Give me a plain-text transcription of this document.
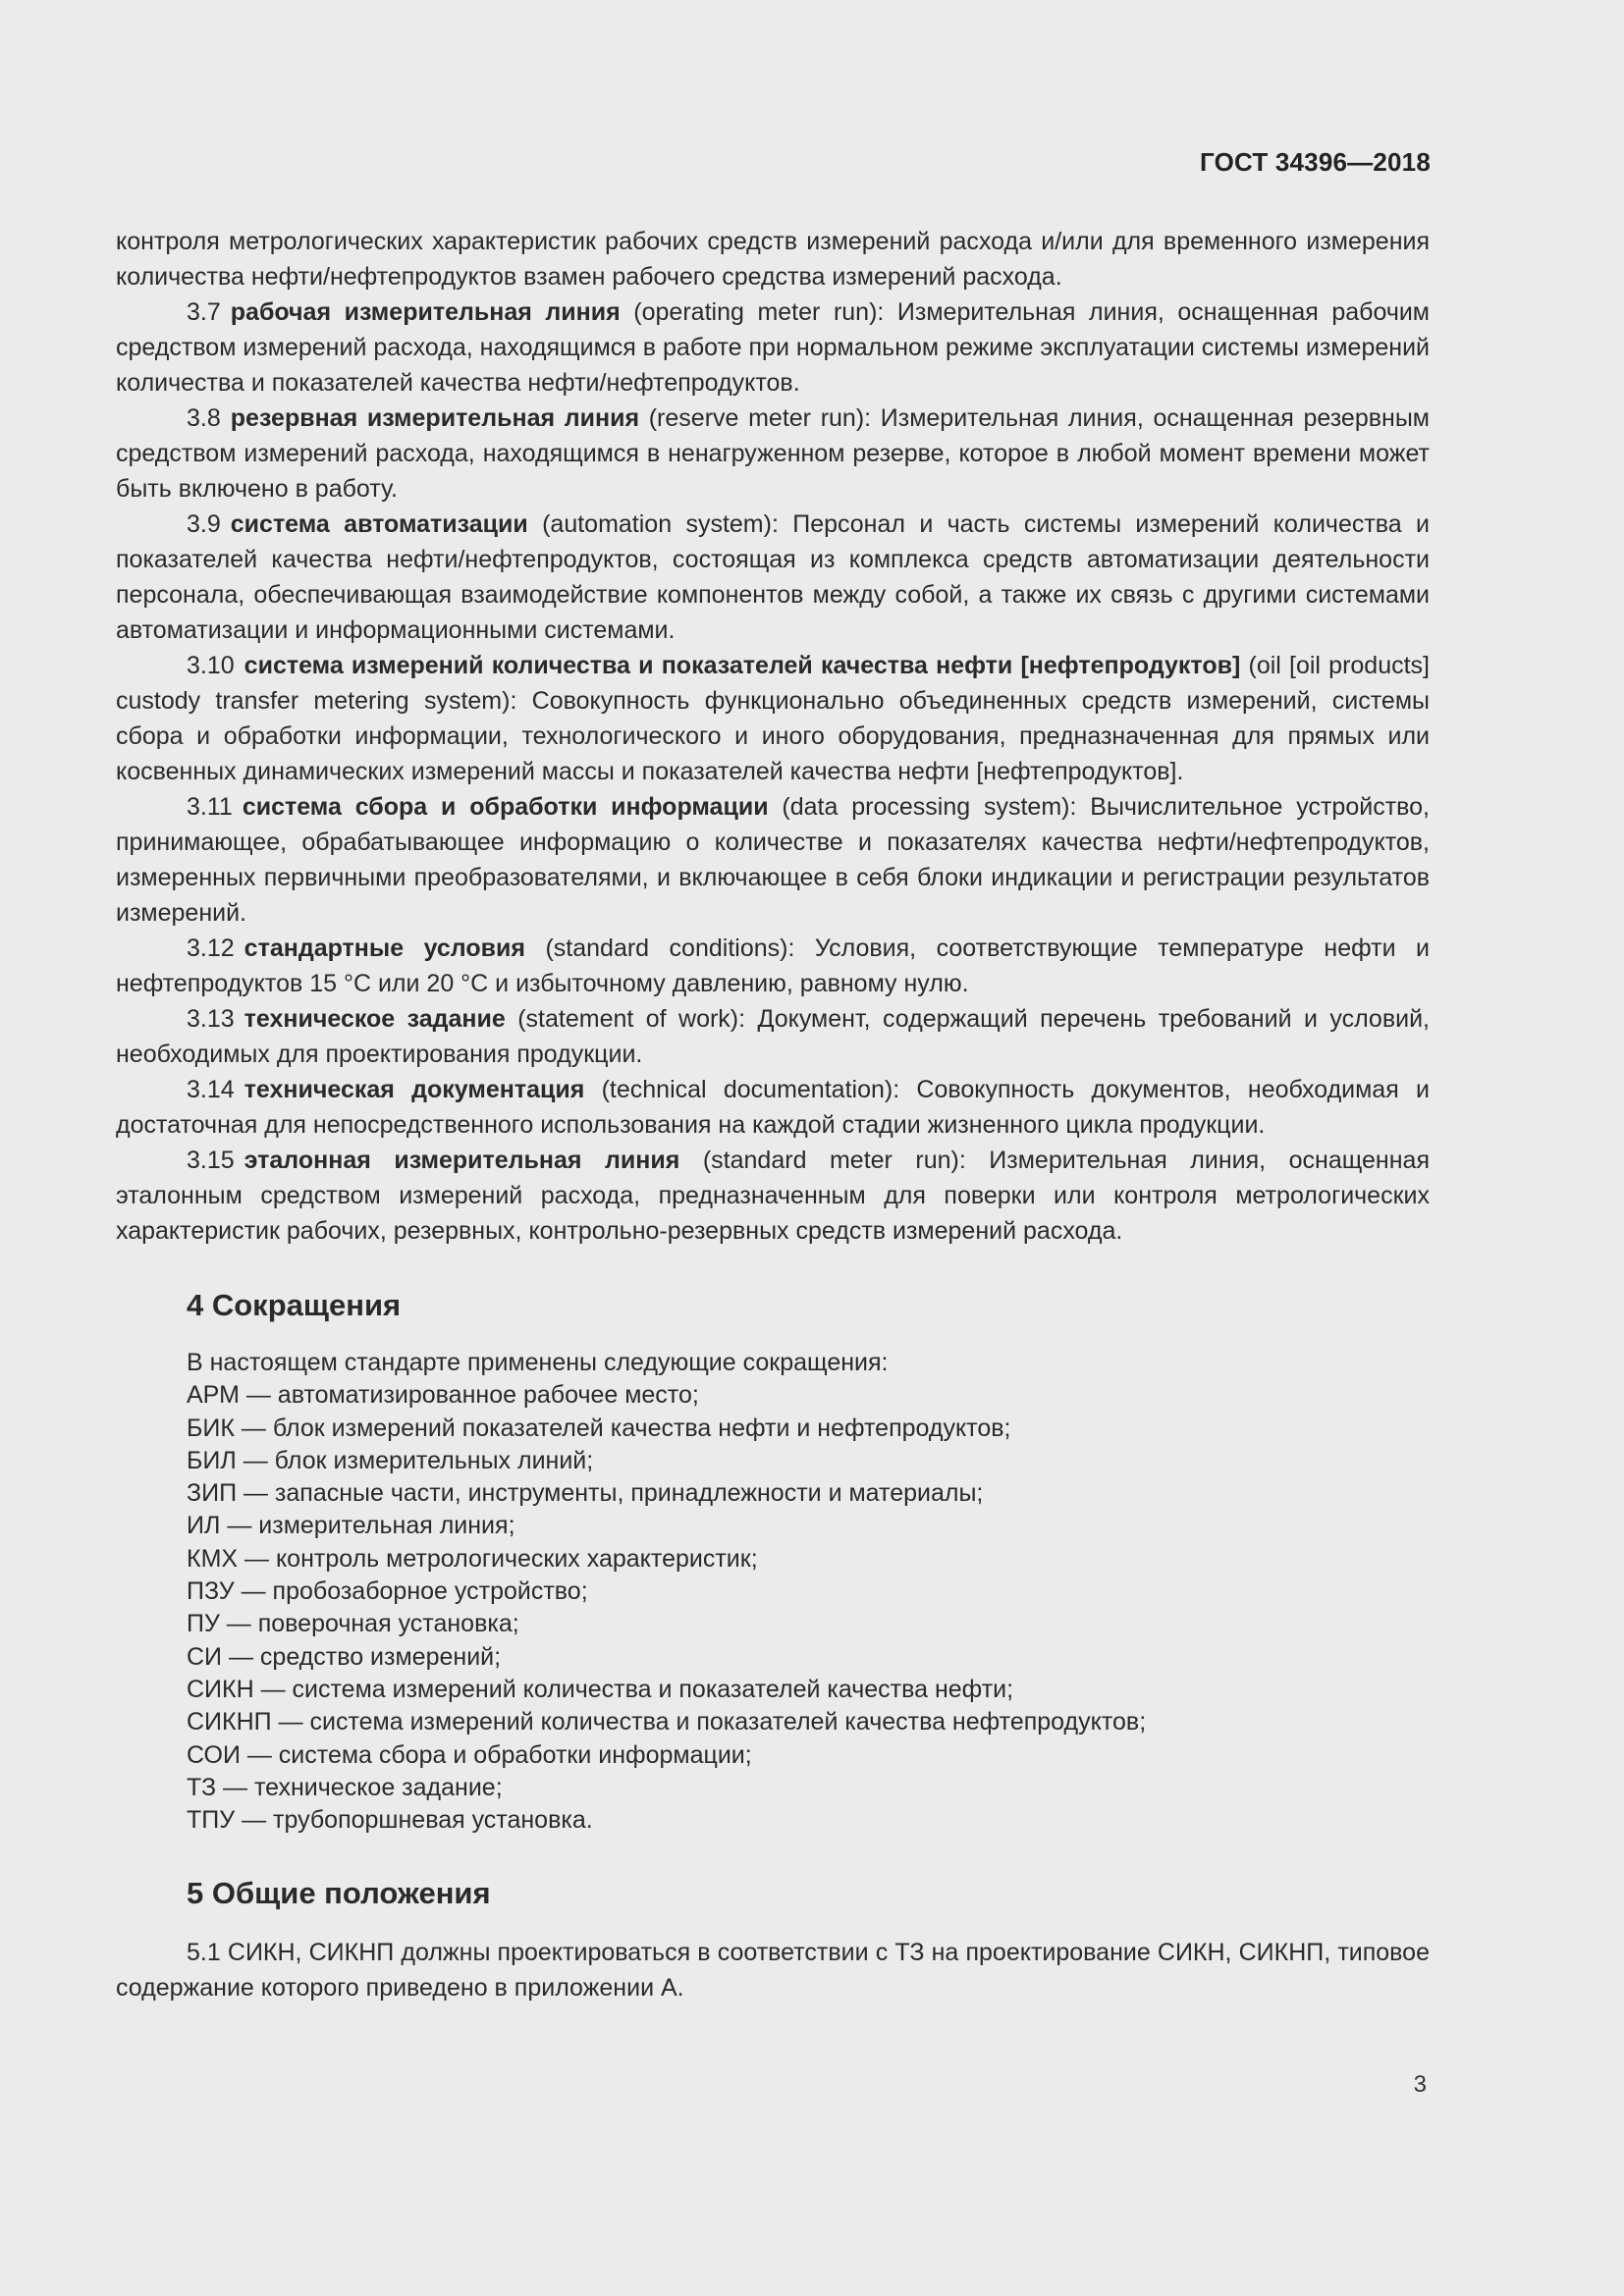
ГОСТ 34396—2018

контроля метрологических характеристик рабочих средств измерений расхода и/или для временного измерения количества нефти/нефтепродуктов взамен рабочего средства измерений расхода.

3.7 рабочая измерительная линия (operating meter run): Измерительная линия, оснащенная рабочим средством измерений расхода, находящимся в работе при нормальном режиме эксплуатации системы измерений количества и показателей качества нефти/нефтепродуктов.

3.8 резервная измерительная линия (reserve meter run): Измерительная линия, оснащенная резервным средством измерений расхода, находящимся в ненагруженном резерве, которое в любой момент времени может быть включено в работу.

3.9 система автоматизации (automation system): Персонал и часть системы измерений количества и показателей качества нефти/нефтепродуктов, состоящая из комплекса средств автоматизации деятельности персонала, обеспечивающая взаимодействие компонентов между собой, а также их связь с другими системами автоматизации и информационными системами.

3.10 система измерений количества и показателей качества нефти [нефтепродуктов] (oil [oil products] custody transfer metering system): Совокупность функционально объединенных средств измерений, системы сбора и обработки информации, технологического и иного оборудования, предназначенная для прямых или косвенных динамических измерений массы и показателей качества нефти [нефтепродуктов].

3.11 система сбора и обработки информации (data processing system): Вычислительное устройство, принимающее, обрабатывающее информацию о количестве и показателях качества нефти/нефтепродуктов, измеренных первичными преобразователями, и включающее в себя блоки индикации и регистрации результатов измерений.

3.12 стандартные условия (standard conditions): Условия, соответствующие температуре нефти и нефтепродуктов 15 °С или 20 °С и избыточному давлению, равному нулю.

3.13 техническое задание (statement of work): Документ, содержащий перечень требований и условий, необходимых для проектирования продукции.

3.14 техническая документация (technical documentation): Совокупность документов, необходимая и достаточная для непосредственного использования на каждой стадии жизненного цикла продукции.

3.15 эталонная измерительная линия (standard meter run): Измерительная линия, оснащенная эталонным средством измерений расхода, предназначенным для поверки или контроля метрологических характеристик рабочих, резервных, контрольно-резервных средств измерений расхода.

4 Сокращения

В настоящем стандарте применены следующие сокращения:

АРМ — автоматизированное рабочее место;
БИК — блок измерений показателей качества нефти и нефтепродуктов;
БИЛ — блок измерительных линий;
ЗИП — запасные части, инструменты, принадлежности и материалы;
ИЛ — измерительная линия;
КМХ — контроль метрологических характеристик;
ПЗУ — пробозаборное устройство;
ПУ — поверочная установка;
СИ — средство измерений;
СИКН — система измерений количества и показателей качества нефти;
СИКНП — система измерений количества и показателей качества нефтепродуктов;
СОИ — система сбора и обработки информации;
ТЗ — техническое задание;
ТПУ — трубопоршневая установка.
5 Общие положения

5.1 СИКН, СИКНП должны проектироваться в соответствии с ТЗ на проектирование СИКН, СИКНП, типовое содержание которого приведено в приложении А.

3
